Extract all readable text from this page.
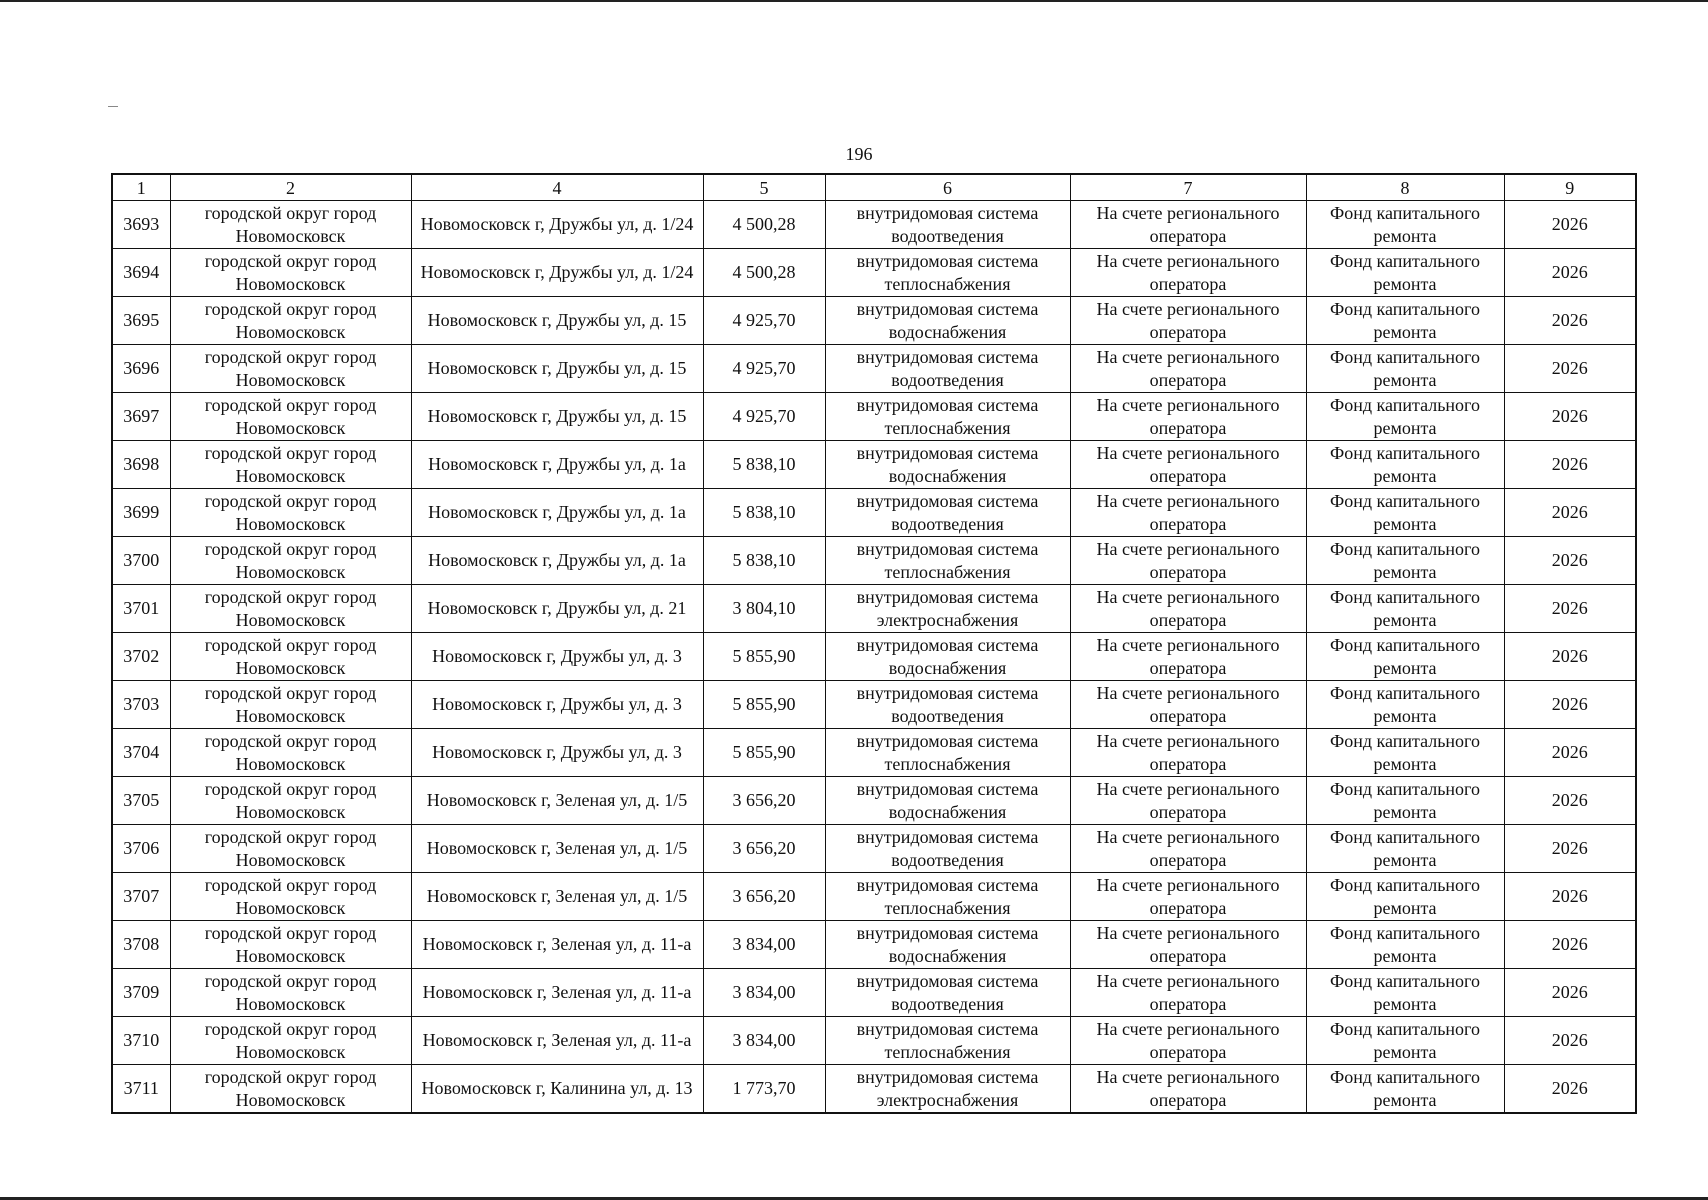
196
1	2	4	5	6	7	8	9
3693	городской округ город Новомосковск	Новомосковск г, Дружбы ул, д. 1/24	4 500,28	внутридомовая система водоотведения	На счете регионального оператора	Фонд капитального ремонта	2026
3694	городской округ город Новомосковск	Новомосковск г, Дружбы ул, д. 1/24	4 500,28	внутридомовая система теплоснабжения	На счете регионального оператора	Фонд капитального ремонта	2026
3695	городской округ город Новомосковск	Новомосковск г, Дружбы ул, д. 15	4 925,70	внутридомовая система водоснабжения	На счете регионального оператора	Фонд капитального ремонта	2026
3696	городской округ город Новомосковск	Новомосковск г, Дружбы ул, д. 15	4 925,70	внутридомовая система водоотведения	На счете регионального оператора	Фонд капитального ремонта	2026
3697	городской округ город Новомосковск	Новомосковск г, Дружбы ул, д. 15	4 925,70	внутридомовая система теплоснабжения	На счете регионального оператора	Фонд капитального ремонта	2026
3698	городской округ город Новомосковск	Новомосковск г, Дружбы ул, д. 1а	5 838,10	внутридомовая система водоснабжения	На счете регионального оператора	Фонд капитального ремонта	2026
3699	городской округ город Новомосковск	Новомосковск г, Дружбы ул, д. 1а	5 838,10	внутридомовая система водоотведения	На счете регионального оператора	Фонд капитального ремонта	2026
3700	городской округ город Новомосковск	Новомосковск г, Дружбы ул, д. 1а	5 838,10	внутридомовая система теплоснабжения	На счете регионального оператора	Фонд капитального ремонта	2026
3701	городской округ город Новомосковск	Новомосковск г, Дружбы ул, д. 21	3 804,10	внутридомовая система электроснабжения	На счете регионального оператора	Фонд капитального ремонта	2026
3702	городской округ город Новомосковск	Новомосковск г, Дружбы ул, д. 3	5 855,90	внутридомовая система водоснабжения	На счете регионального оператора	Фонд капитального ремонта	2026
3703	городской округ город Новомосковск	Новомосковск г, Дружбы ул, д. 3	5 855,90	внутридомовая система водоотведения	На счете регионального оператора	Фонд капитального ремонта	2026
3704	городской округ город Новомосковск	Новомосковск г, Дружбы ул, д. 3	5 855,90	внутридомовая система теплоснабжения	На счете регионального оператора	Фонд капитального ремонта	2026
3705	городской округ город Новомосковск	Новомосковск г, Зеленая ул, д. 1/5	3 656,20	внутридомовая система водоснабжения	На счете регионального оператора	Фонд капитального ремонта	2026
3706	городской округ город Новомосковск	Новомосковск г, Зеленая ул, д. 1/5	3 656,20	внутридомовая система водоотведения	На счете регионального оператора	Фонд капитального ремонта	2026
3707	городской округ город Новомосковск	Новомосковск г, Зеленая ул, д. 1/5	3 656,20	внутридомовая система теплоснабжения	На счете регионального оператора	Фонд капитального ремонта	2026
3708	городской округ город Новомосковск	Новомосковск г, Зеленая ул, д. 11-а	3 834,00	внутридомовая система водоснабжения	На счете регионального оператора	Фонд капитального ремонта	2026
3709	городской округ город Новомосковск	Новомосковск г, Зеленая ул, д. 11-а	3 834,00	внутридомовая система водоотведения	На счете регионального оператора	Фонд капитального ремонта	2026
3710	городской округ город Новомосковск	Новомосковск г, Зеленая ул, д. 11-а	3 834,00	внутридомовая система теплоснабжения	На счете регионального оператора	Фонд капитального ремонта	2026
3711	городской округ город Новомосковск	Новомосковск г, Калинина ул, д. 13	1 773,70	внутридомовая система электроснабжения	На счете регионального оператора	Фонд капитального ремонта	2026
